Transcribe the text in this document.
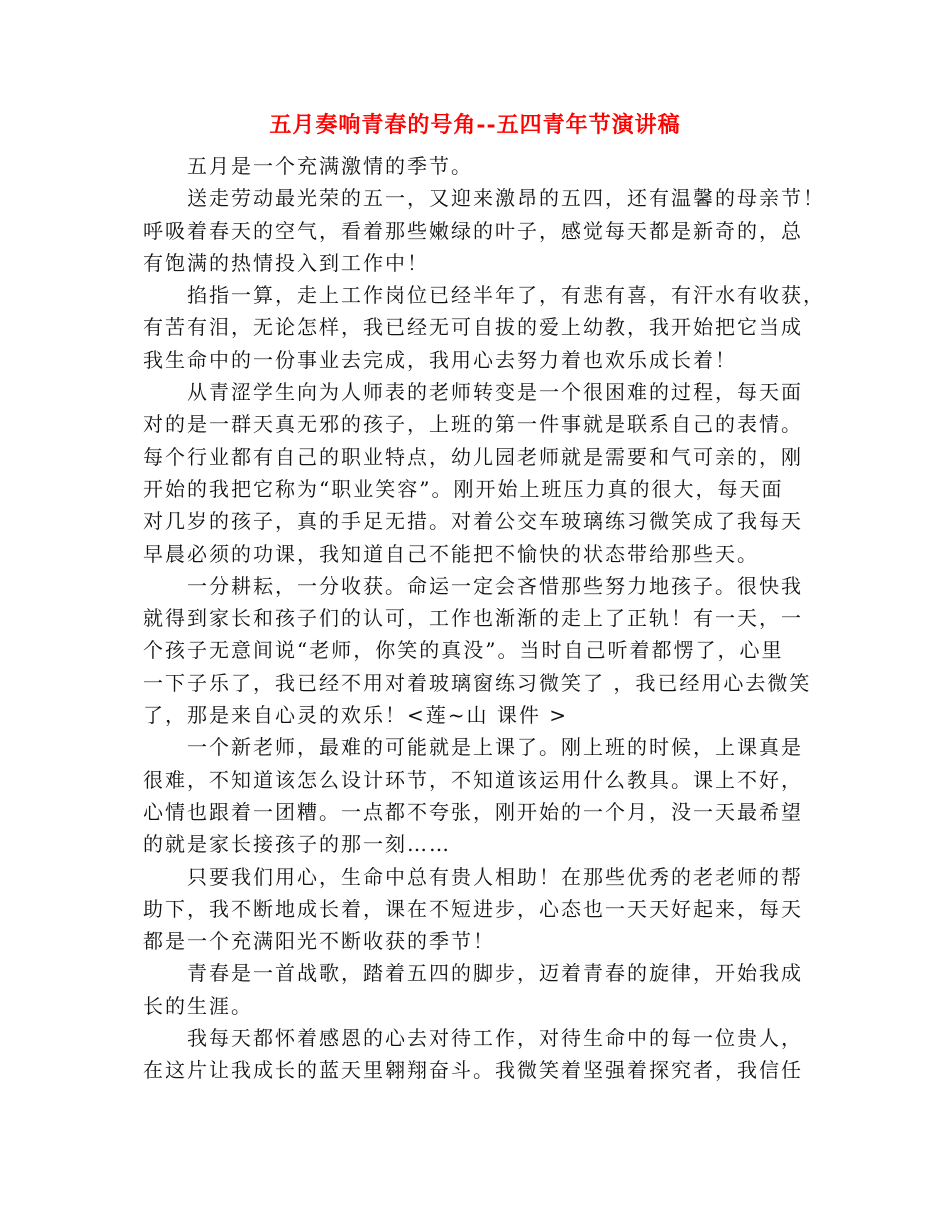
五月奏响青春的号角--五四青年节演讲稿
五月是一个充满激情的季节。
送走劳动最光荣的五一，又迎来激昂的五四，还有温馨的母亲节！
呼吸着春天的空气，看着那些嫩绿的叶子，感觉每天都是新奇的，总
有饱满的热情投入到工作中！
掐指一算，走上工作岗位已经半年了，有悲有喜，有汗水有收获，
有苦有泪，无论怎样，我已经无可自拔的爱上幼教，我开始把它当成
我生命中的一份事业去完成，我用心去努力着也欢乐成长着！
从青涩学生向为人师表的老师转变是一个很困难的过程，每天面
对的是一群天真无邪的孩子，上班的第一件事就是联系自己的表情。
每个行业都有自己的职业特点，幼儿园老师就是需要和气可亲的，刚
开始的我把它称为“职业笑容”。刚开始上班压力真的很大，每天面
对几岁的孩子，真的手足无措。对着公交车玻璃练习微笑成了我每天
早晨必须的功课，我知道自己不能把不愉快的状态带给那些天。
一分耕耘，一分收获。命运一定会吝惜那些努力地孩子。很快我
就得到家长和孩子们的认可，工作也渐渐的走上了正轨！有一天，一
个孩子无意间说“老师，你笑的真没”。当时自己听着都愣了，心里
一下子乐了，我已经不用对着玻璃窗练习微笑了 ，我已经用心去微笑
了，那是来自心灵的欢乐！<莲~山 课件 >
一个新老师，最难的可能就是上课了。刚上班的时候，上课真是
很难，不知道该怎么设计环节，不知道该运用什么教具。课上不好，
心情也跟着一团糟。一点都不夸张，刚开始的一个月，没一天最希望
的就是家长接孩子的那一刻……
只要我们用心，生命中总有贵人相助！在那些优秀的老老师的帮
助下，我不断地成长着，课在不短进步，心态也一天天好起来，每天
都是一个充满阳光不断收获的季节！
青春是一首战歌，踏着五四的脚步，迈着青春的旋律，开始我成
长的生涯。
我每天都怀着感恩的心去对待工作，对待生命中的每一位贵人，
在这片让我成长的蓝天里翱翔奋斗。我微笑着坚强着探究者，我信任
